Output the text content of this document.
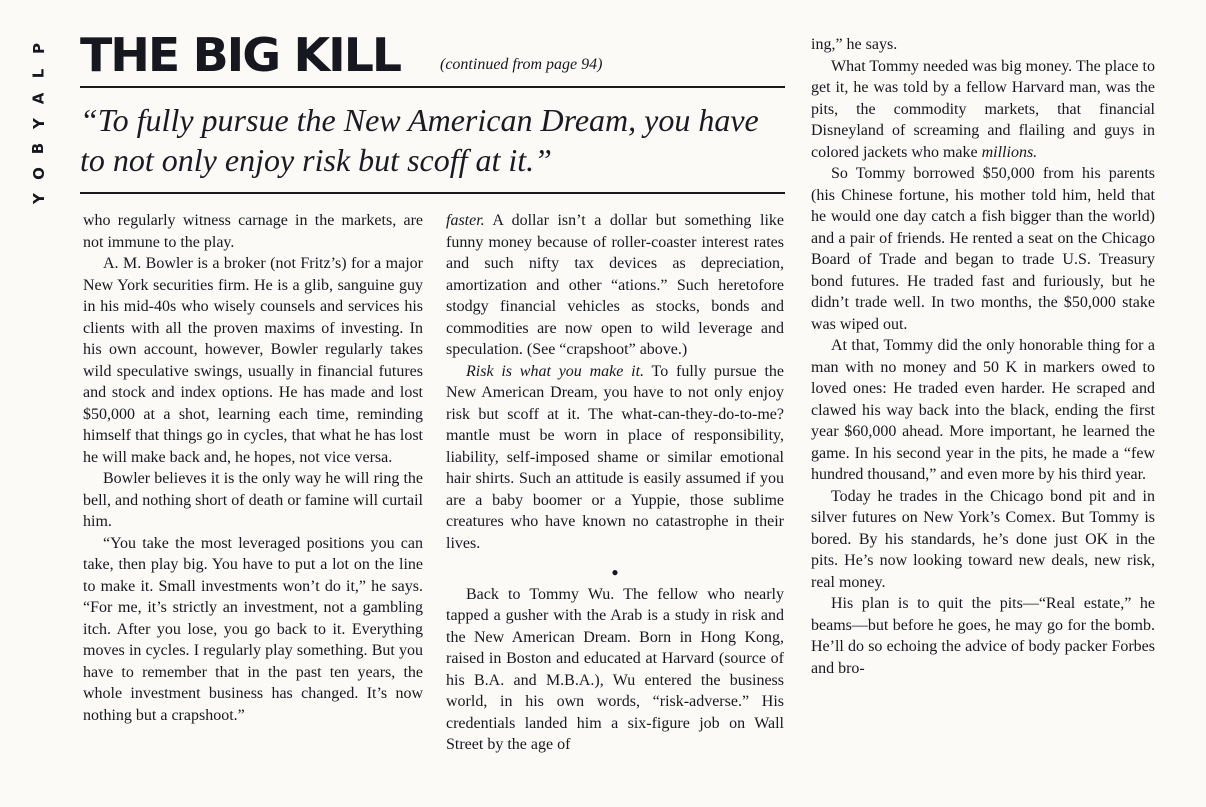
P
L
A
Y
B
O
Y
THE BIG KILL	(continued from page 94)
“To fully pursue the New American Dream, you have to not only enjoy risk but scoff at it.”

who regularly witness carnage in the markets, are not immune to the play.

A. M. Bowler is a broker (not Fritz’s) for a major New York securities firm. He is a glib, sanguine guy in his mid-40s who wisely counsels and services his clients with all the proven maxims of investing. In his own account, however, Bowler regularly takes wild speculative swings, usually in financial futures and stock and index options. He has made and lost $50,000 at a shot, learning each time, reminding himself that things go in cycles, that what he has lost he will make back and, he hopes, not vice versa.

Bowler believes it is the only way he will ring the bell, and nothing short of death or famine will curtail him.

“You take the most leveraged positions you can take, then play big. You have to put a lot on the line to make it. Small investments won’t do it,” he says. “For me, it’s strictly an investment, not a gambling itch. After you lose, you go back to it. Everything moves in cycles. I regularly play something. But you have to remember that in the past ten years, the whole investment business has changed. It’s now nothing but a crapshoot.”

faster. A dollar isn’t a dollar but something like funny money because of roller-coaster interest rates and such nifty tax devices as depreciation, amortization and other “ations.” Such heretofore stodgy financial vehicles as stocks, bonds and commodities are now open to wild leverage and speculation. (See “crapshoot” above.)

Risk is what you make it. To fully pursue the New American Dream, you have to not only enjoy risk but scoff at it. The what-can-they-do-to-me? mantle must be worn in place of responsibility, liability, self-imposed shame or similar emotional hair shirts. Such an attitude is easily assumed if you are a baby boomer or a Yuppie, those sublime creatures who have known no catastrophe in their lives.

●

Back to Tommy Wu. The fellow who nearly tapped a gusher with the Arab is a study in risk and the New American Dream. Born in Hong Kong, raised in Boston and educated at Harvard (source of his B.A. and M.B.A.), Wu entered the business world, in his own words, “risk-adverse.” His credentials landed him a six-figure job on Wall Street by the age of

ing,” he says.

What Tommy needed was big money. The place to get it, he was told by a fellow Harvard man, was the pits, the commodity markets, that financial Disneyland of screaming and flailing and guys in colored jackets who make millions.

So Tommy borrowed $50,000 from his parents (his Chinese fortune, his mother told him, held that he would one day catch a fish bigger than the world) and a pair of friends. He rented a seat on the Chicago Board of Trade and began to trade U.S. Treasury bond futures. He traded fast and furiously, but he didn’t trade well. In two months, the $50,000 stake was wiped out.

At that, Tommy did the only honorable thing for a man with no money and 50 K in markers owed to loved ones: He traded even harder. He scraped and clawed his way back into the black, ending the first year $60,000 ahead. More important, he learned the game. In his second year in the pits, he made a “few hundred thousand,” and even more by his third year.

Today he trades in the Chicago bond pit and in silver futures on New York’s Comex. But Tommy is bored. By his standards, he’s done just OK in the pits. He’s now looking toward new deals, new risk, real money.

His plan is to quit the pits—“Real estate,” he beams—but before he goes, he may go for the bomb. He’ll do so echoing the advice of body packer Forbes and bro-
